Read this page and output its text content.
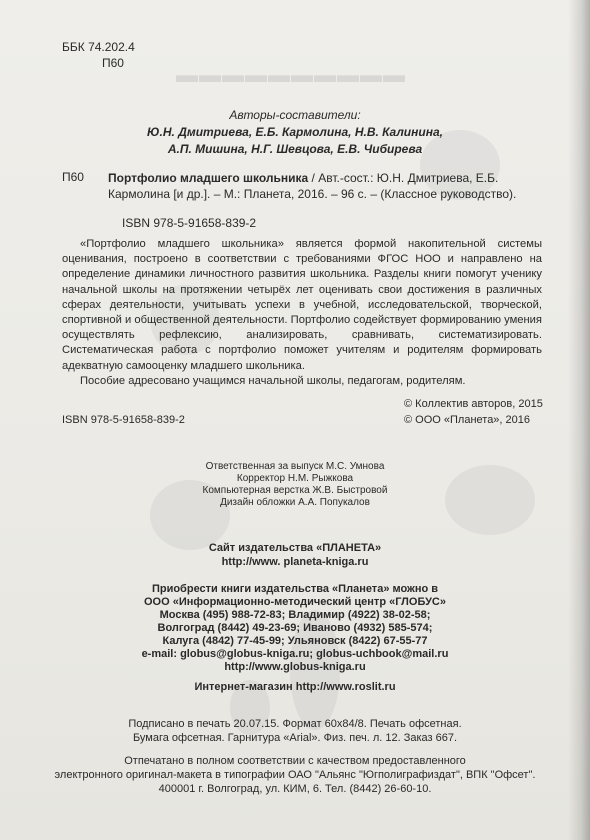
▬▬▬▬▬▬▬▬▬▬
ББК 74.202.4
П60
Авторы-составители:
Ю.Н. Дмитриева, Е.Б. Кармолина, Н.В. Калинина,
А.П. Мишина, Н.Г. Шевцова, Е.В. Чибирева
П60 Портфолио младшего школьника / Авт.-сост.: Ю.Н. Дмитриева, Е.Б. Кармолина [и др.]. – М.: Планета, 2016. – 96 с. – (Классное руководство).
ISBN 978-5-91658-839-2

«Портфолио младшего школьника» является формой накопительной системы оценивания, построено в соответствии с требованиями ФГОС НОО и направлено на определение динамики личностного развития школьника. Разделы книги помогут ученику начальной школы на протяжении четырёх лет оценивать свои достижения в различных сферах деятельности, учитывать успехи в учебной, исследовательской, творческой, спортивной и общественной деятельности. Портфолио содействует формированию умения осуществлять рефлексию, анализировать, сравнивать, систематизировать. Систематическая работа с портфолио поможет учителям и родителям формировать адекватную самооценку младшего школьника.

Пособие адресовано учащимся начальной школы, педагогам, родителям.

© Коллектив авторов, 2015
ISBN 978-5-91658-839-2	© ООО «Планета», 2016
Ответственная за выпуск М.С. Умнова
Корректор Н.М. Рыжкова
Компьютерная верстка Ж.В. Быстровой
Дизайн обложки А.А. Попукалов
Сайт издательства «ПЛАНЕТА»
http://www. planeta-kniga.ru
Приобрести книги издательства «Планета» можно в
ООО «Информационно-методический центр «ГЛОБУС»
Москва (495) 988-72-83; Владимир (4922) 38-02-58;
Волгоград (8442) 49-23-69; Иваново (4932) 585-574;
Калуга (4842) 77-45-99; Ульяновск (8422) 67-55-77
e-mail: globus@globus-kniga.ru; globus-uchbook@mail.ru
http://www.globus-kniga.ru
Интернет-магазин http://www.roslit.ru
Подписано в печать 20.07.15. Формат 60x84/8. Печать офсетная.
Бумага офсетная. Гарнитура «Arial». Физ. печ. л. 12. Заказ 667.
Отпечатано в полном соответствии с качеством предоставленного
электронного оригинал-макета в типографии ОАО "Альянс "Югполиграфиздат", ВПК "Офсет".
400001 г. Волгоград, ул. КИМ, 6. Тел. (8442) 26-60-10.
